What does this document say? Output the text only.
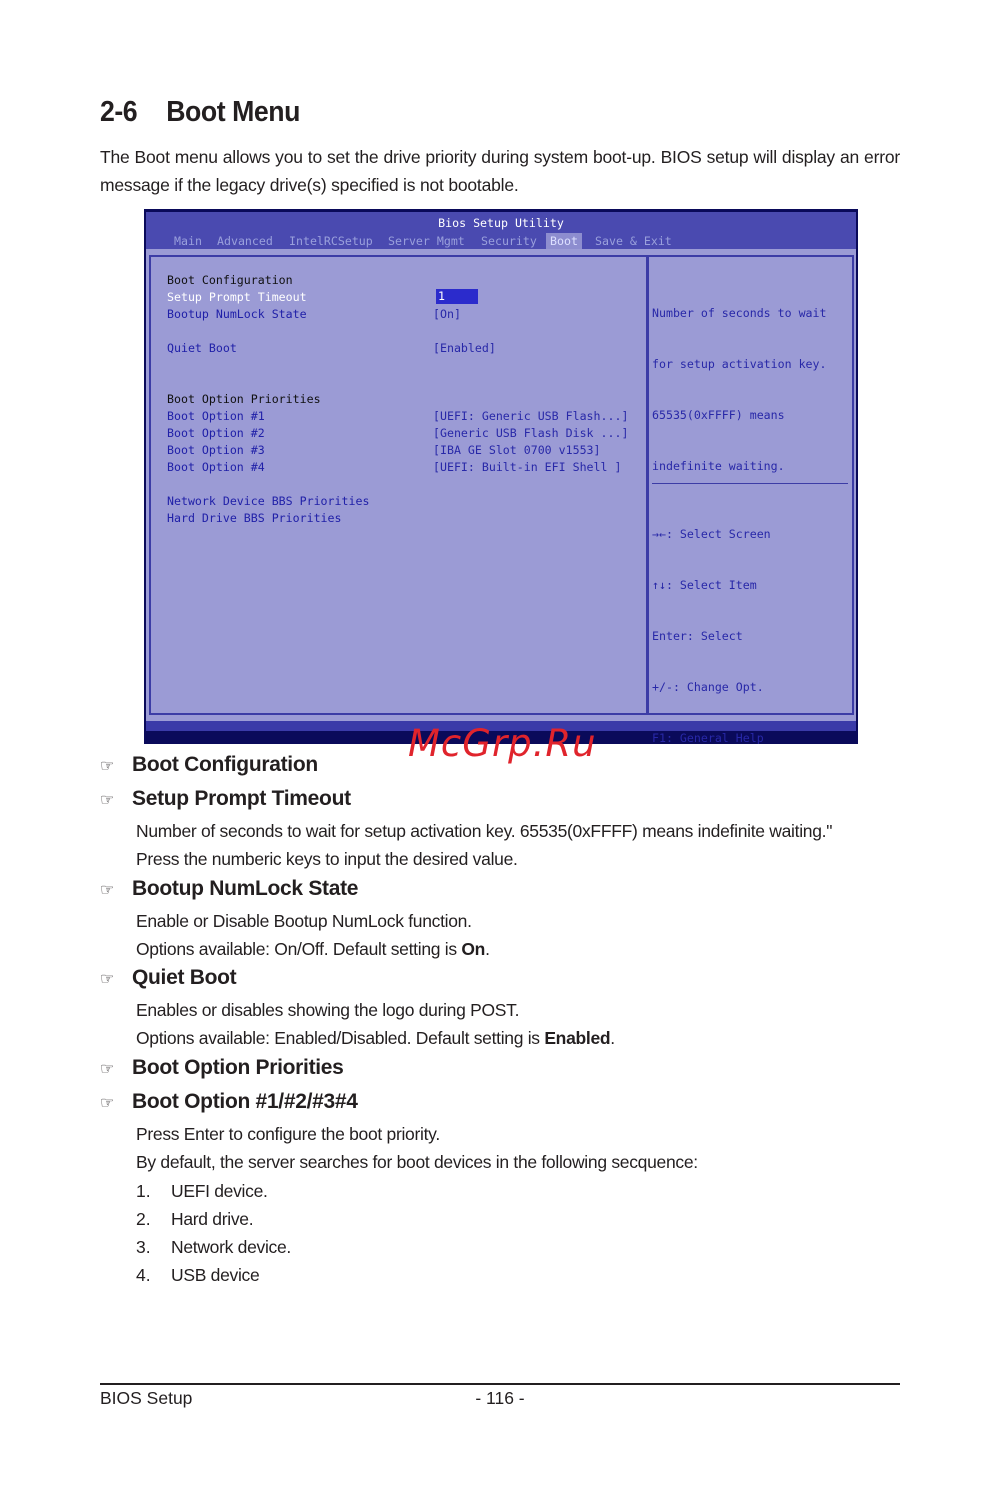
2-6 Boot Menu

The Boot menu allows you to set the drive priority during system boot-up. BIOS setup will display an error message if the legacy drive(s) specified is not bootable.

Bios Setup Utility
Main	Advanced	IntelRCSetup	Server Mgmt	Security	Boot	Save & Exit
Boot Configuration
Setup Prompt Timeout	1
Bootup NumLock State	[On]
Quiet Boot	[Enabled]
Boot Option Priorities
Boot Option #1	[UEFI: Generic USB Flash...]
Boot Option #2	[Generic USB Flash Disk ...]
Boot Option #3	[IBA GE Slot 0700 v1553]
Boot Option #4	[UEFI: Built-in EFI Shell ]
Network Device BBS Priorities
Hard Drive BBS Priorities

Number of seconds to wait

for setup activation key.

65535(0xFFFF) means

indefinite waiting.

→←: Select Screen

↑↓: Select Item

Enter: Select

+/-: Change Opt.

F1: General Help

McGrp.Ru
☞ Boot Configuration
☞ Setup Prompt Timeout
Number of seconds to wait for setup activation key. 65535(0xFFFF) means indefinite waiting."
Press the numberic keys to input the desired value.
☞ Bootup NumLock State
Enable or Disable Bootup NumLock function.
Options available: On/Off. Default setting is On.
☞ Quiet Boot
Enables or disables showing the logo during POST.
Options available: Enabled/Disabled. Default setting is Enabled.
☞ Boot Option Priorities
☞ Boot Option #1/#2/#3#4
Press Enter to configure the boot priority.
By default, the server searches for boot devices in the following secquence:
1. UEFI device.
2. Hard drive.
3. Network device.
4. USB device
BIOS Setup	- 116 -
